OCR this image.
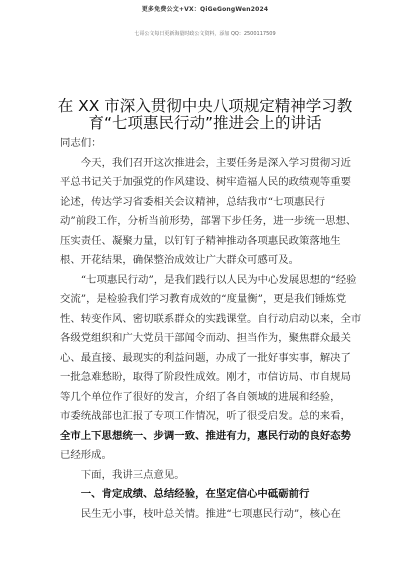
更多免费公文+VX：QiGeGongWen2024
七哥公文每日更新海量时政公文资料，添加 QQ：2500117509
在 XX 市深入贯彻中央八项规定精神学习教
育“七项惠民行动”推进会上的讲话
同志们：
今天，我们召开这次推进会，主要任务是深入学习贯彻习近
平总书记关于加强党的作风建设、树牢造福人民的政绩观等重要
论述，传达学习省委相关会议精神，总结我市“七项惠民行
动”前段工作，分析当前形势，部署下步任务，进一步统一思想、
压实责任、凝聚力量，以钉钉子精神推动各项惠民政策落地生
根、开花结果，确保整治成效让广大群众可感可及。
“七项惠民行动”，是我们践行以人民为中心发展思想的“经验
交流”，是检验我们学习教育成效的“度量衡”，更是我们锤炼党
性、转变作风、密切联系群众的实践课堂。自行动启动以来，全市
各级党组织和广大党员干部闻令而动、担当作为，聚焦群众最关
心、最直接、最现实的利益问题，办成了一批好事实事，解决了
一批急难愁盼，取得了阶段性成效。刚才，市信访局、市自规局
等几个单位作了很好的发言，介绍了各自领域的进展和经验，
市委统战部也汇报了专项工作情况，听了很受启发。总的来看，
全市上下思想统一、步调一致、推进有力，惠民行动的良好态势
已经形成。
下面，我讲三点意见。
一、肯定成绩、总结经验，在坚定信心中砥砺前行
民生无小事，枝叶总关情。推进“七项惠民行动”，核心在
